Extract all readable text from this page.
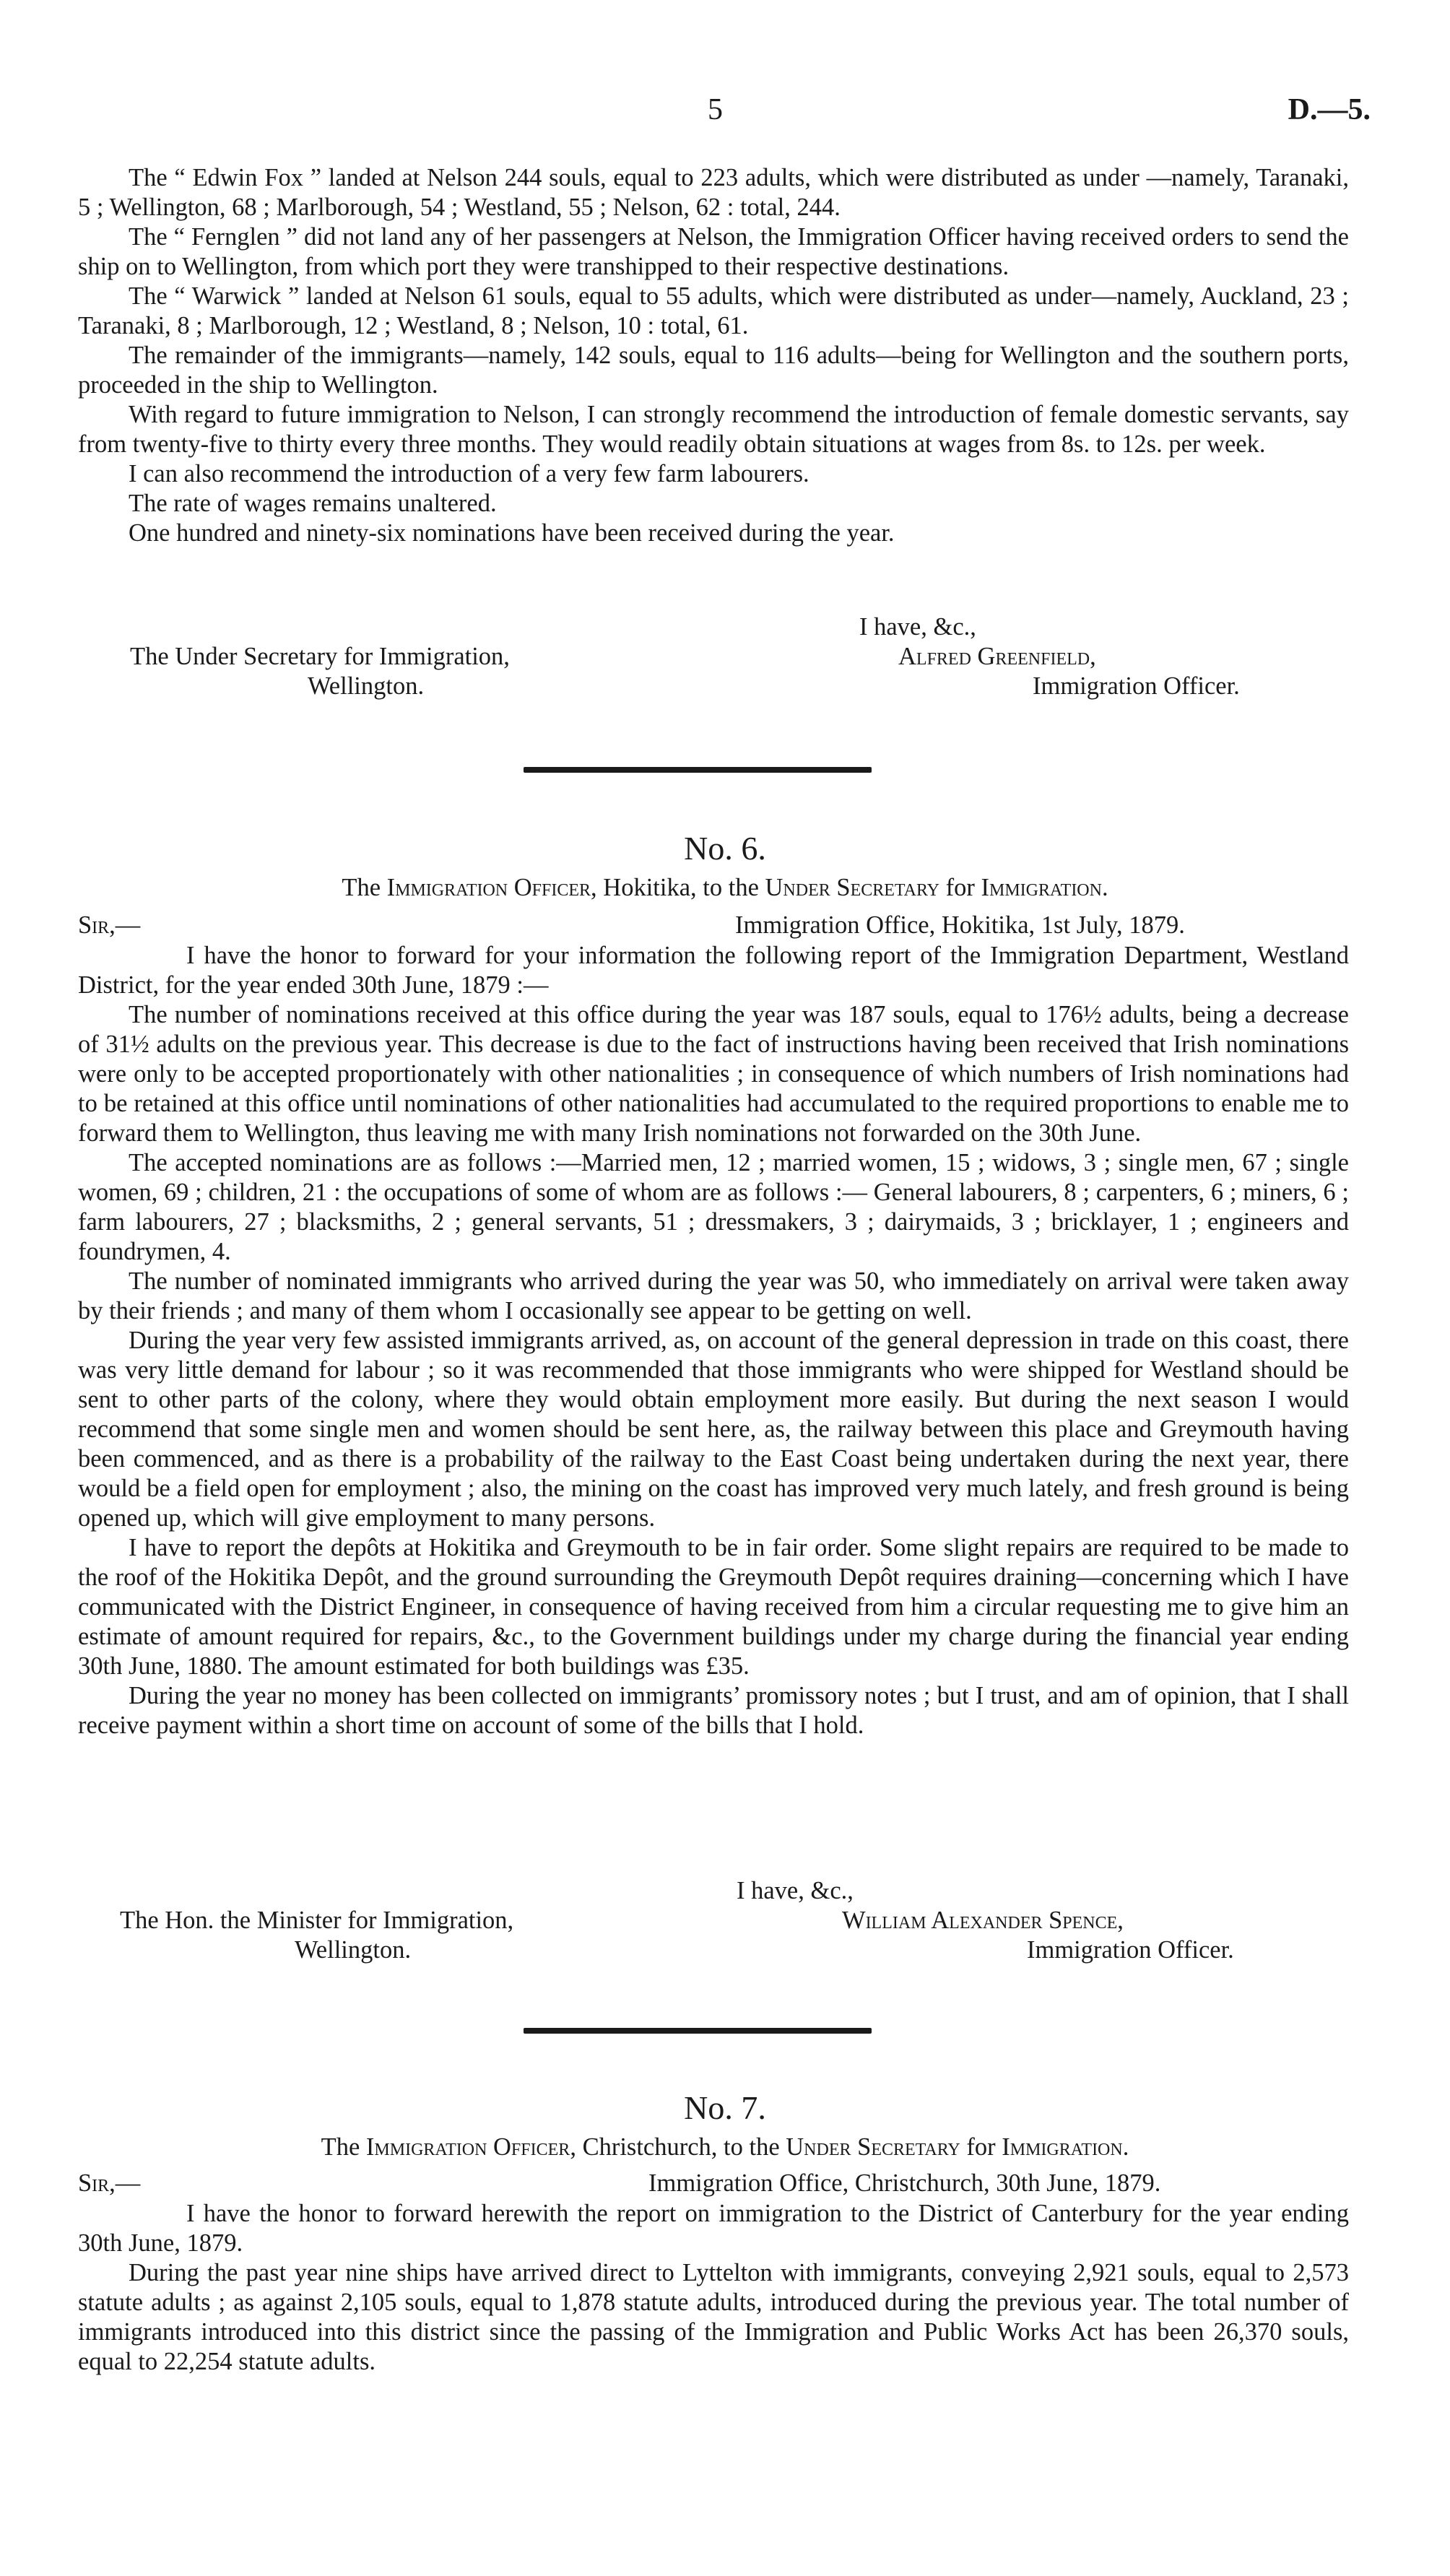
5	D.—5.

The “ Edwin Fox ” landed at Nelson 244 souls, equal to 223 adults, which were distributed as under —namely, Taranaki, 5 ; Wellington, 68 ; Marlborough, 54 ; Westland, 55 ; Nelson, 62 : total, 244.

The “ Fernglen ” did not land any of her passengers at Nelson, the Immigration Officer having received orders to send the ship on to Wellington, from which port they were transhipped to their respective destinations.

The “ Warwick ” landed at Nelson 61 souls, equal to 55 adults, which were distributed as under—namely, Auckland, 23 ; Taranaki, 8 ; Marlborough, 12 ; Westland, 8 ; Nelson, 10 : total, 61.

The remainder of the immigrants—namely, 142 souls, equal to 116 adults—being for Wellington and the southern ports, proceeded in the ship to Wellington.

With regard to future immigration to Nelson, I can strongly recommend the introduction of female domestic servants, say from twenty-five to thirty every three months. They would readily obtain situations at wages from 8s. to 12s. per week.

I can also recommend the introduction of a very few farm labourers.

The rate of wages remains unaltered.

One hundred and ninety-six nominations have been received during the year.

I have, &c.,
The Under Secretary for Immigration,	Alfred Greenfield,
Wellington.	Immigration Officer.
No. 6.
The Immigration Officer, Hokitika, to the Under Secretary for Immigration.
Sir,—	Immigration Office, Hokitika, 1st July, 1879.

I have the honor to forward for your information the following report of the Immigration Department, Westland District, for the year ended 30th June, 1879 :—

The number of nominations received at this office during the year was 187 souls, equal to 176½ adults, being a decrease of 31½ adults on the previous year. This decrease is due to the fact of instructions having been received that Irish nominations were only to be accepted proportionately with other nationalities ; in consequence of which numbers of Irish nominations had to be retained at this office until nominations of other nationalities had accumulated to the required proportions to enable me to forward them to Wellington, thus leaving me with many Irish nominations not forwarded on the 30th June.

The accepted nominations are as follows :—Married men, 12 ; married women, 15 ; widows, 3 ; single men, 67 ; single women, 69 ; children, 21 : the occupations of some of whom are as follows :— General labourers, 8 ; carpenters, 6 ; miners, 6 ; farm labourers, 27 ; blacksmiths, 2 ; general servants, 51 ; dressmakers, 3 ; dairymaids, 3 ; bricklayer, 1 ; engineers and foundrymen, 4.

The number of nominated immigrants who arrived during the year was 50, who immediately on arrival were taken away by their friends ; and many of them whom I occasionally see appear to be getting on well.

During the year very few assisted immigrants arrived, as, on account of the general depression in trade on this coast, there was very little demand for labour ; so it was recommended that those immigrants who were shipped for Westland should be sent to other parts of the colony, where they would obtain employment more easily. But during the next season I would recommend that some single men and women should be sent here, as, the railway between this place and Greymouth having been commenced, and as there is a probability of the railway to the East Coast being undertaken during the next year, there would be a field open for employment ; also, the mining on the coast has improved very much lately, and fresh ground is being opened up, which will give employment to many persons.

I have to report the depôts at Hokitika and Greymouth to be in fair order. Some slight repairs are required to be made to the roof of the Hokitika Depôt, and the ground surrounding the Greymouth Depôt requires draining—concerning which I have communicated with the District Engineer, in consequence of having received from him a circular requesting me to give him an estimate of amount required for repairs, &c., to the Government buildings under my charge during the financial year ending 30th June, 1880. The amount estimated for both buildings was £35.

During the year no money has been collected on immigrants’ promissory notes ; but I trust, and am of opinion, that I shall receive payment within a short time on account of some of the bills that I hold.

I have, &c.,
The Hon. the Minister for Immigration,	William Alexander Spence,
Wellington.	Immigration Officer.
No. 7.
The Immigration Officer, Christchurch, to the Under Secretary for Immigration.
Sir,—	Immigration Office, Christchurch, 30th June, 1879.

I have the honor to forward herewith the report on immigration to the District of Canterbury for the year ending 30th June, 1879.

During the past year nine ships have arrived direct to Lyttelton with immigrants, conveying 2,921 souls, equal to 2,573 statute adults ; as against 2,105 souls, equal to 1,878 statute adults, introduced during the previous year. The total number of immigrants introduced into this district since the passing of the Immigration and Public Works Act has been 26,370 souls, equal to 22,254 statute adults.
